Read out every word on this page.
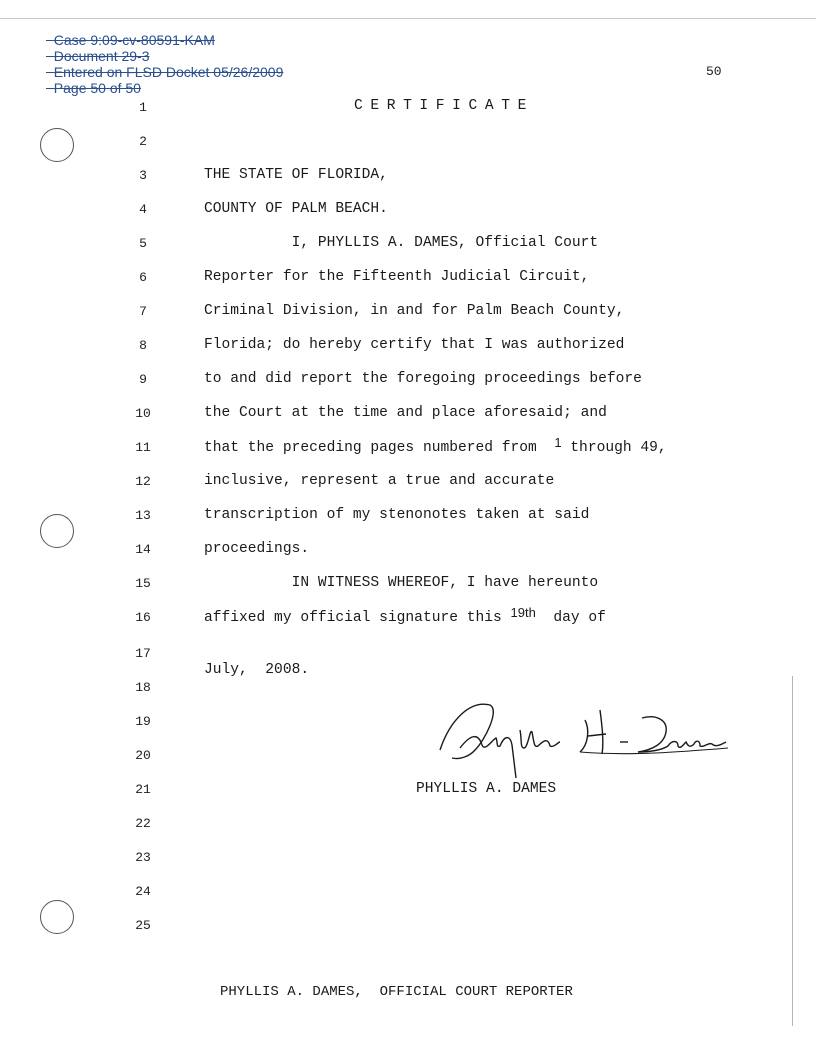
Case 9:09-cv-80591-KAM
Document 29-3
Entered on FLSD Docket 05/26/2009
Page 50 of 50

50
CERTIFICATE
1
2
3
4
5
6
7
8
9
10
11
12
13
14
15
16
17
18
19
20
21
22
23
24
25
THE STATE OF FLORIDA,
COUNTY OF PALM BEACH.
I, PHYLLIS A. DAMES, Official Court
Reporter for the Fifteenth Judicial Circuit,
Criminal Division, in and for Palm Beach County,
Florida; do hereby certify that I was authorized
to and did report the foregoing proceedings before
the Court at the time and place aforesaid; and
that the preceding pages numbered from  1 through 49,
inclusive, represent a true and accurate
transcription of my stenonotes taken at said
proceedings.
IN WITNESS WHEREOF, I have hereunto
affixed my official signature this 19th  day of
July,  2008.
PHYLLIS A. DAMES
PHYLLIS A. DAMES,  OFFICIAL COURT REPORTER
